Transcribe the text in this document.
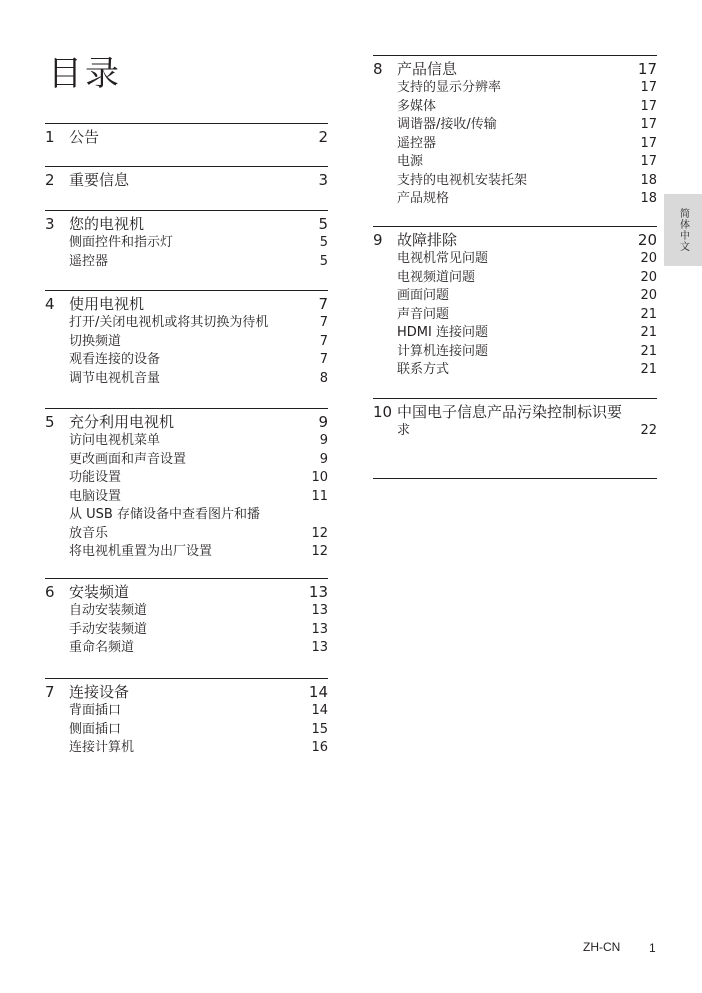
目录
1 公告	2
2 重要信息	3
3 您的电视机	5
侧面控件和指示灯	5
遥控器	5
4 使用电视机	7
打开/关闭电视机或将其切换为待机	7
切换频道	7
观看连接的设备	7
调节电视机音量	8
5 充分利用电视机	9
访问电视机菜单	9
更改画面和声音设置	9
功能设置	10
电脑设置	11
从 USB 存储设备中查看图片和播
放音乐	12
将电视机重置为出厂设置	12
6 安装频道	13
自动安装频道	13
手动安装频道	13
重命名频道	13
7 连接设备	14
背面插口	14
侧面插口	15
连接计算机	16
8 产品信息	17
支持的显示分辨率	17
多媒体	17
调谐器/接收/传输	17
遥控器	17
电源	17
支持的电视机安装托架	18
产品规格	18
9 故障排除	20
电视机常见问题	20
电视频道问题	20
画面问题	20
声音问题	21
HDMI 连接问题	21
计算机连接问题	21
联系方式	21
10 中国电子信息产品污染控制标识要
求	22
简体中文
ZH-CN 1
